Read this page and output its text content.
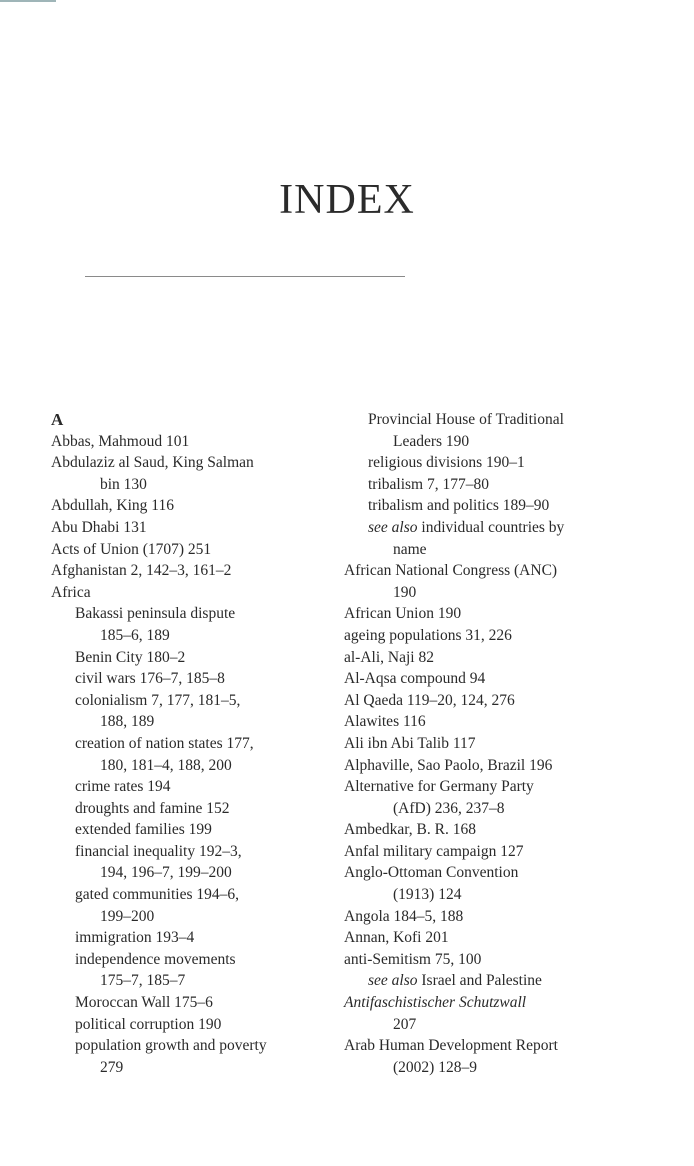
INDEX
A
Abbas, Mahmoud 101
Abdulaziz al Saud, King Salman
bin 130
Abdullah, King 116
Abu Dhabi 131
Acts of Union (1707) 251
Afghanistan 2, 142–3, 161–2
Africa
Bakassi peninsula dispute
185–6, 189
Benin City 180–2
civil wars 176–7, 185–8
colonialism 7, 177, 181–5,
188, 189
creation of nation states 177,
180, 181–4, 188, 200
crime rates 194
droughts and famine 152
extended families 199
financial inequality 192–3,
194, 196–7, 199–200
gated communities 194–6,
199–200
immigration 193–4
independence movements
175–7, 185–7
Moroccan Wall 175–6
political corruption 190
population growth and poverty
279
Provincial House of Traditional
Leaders 190
religious divisions 190–1
tribalism 7, 177–80
tribalism and politics 189–90
see also individual countries by
name
African National Congress (ANC)
190
African Union 190
ageing populations 31, 226
al-Ali, Naji 82
Al-Aqsa compound 94
Al Qaeda 119–20, 124, 276
Alawites 116
Ali ibn Abi Talib 117
Alphaville, Sao Paolo, Brazil 196
Alternative for Germany Party
(AfD) 236, 237–8
Ambedkar, B. R. 168
Anfal military campaign 127
Anglo-Ottoman Convention
(1913) 124
Angola 184–5, 188
Annan, Kofi 201
anti-Semitism 75, 100
see also Israel and Palestine
Antifaschistischer Schutzwall
207
Arab Human Development Report
(2002) 128–9
